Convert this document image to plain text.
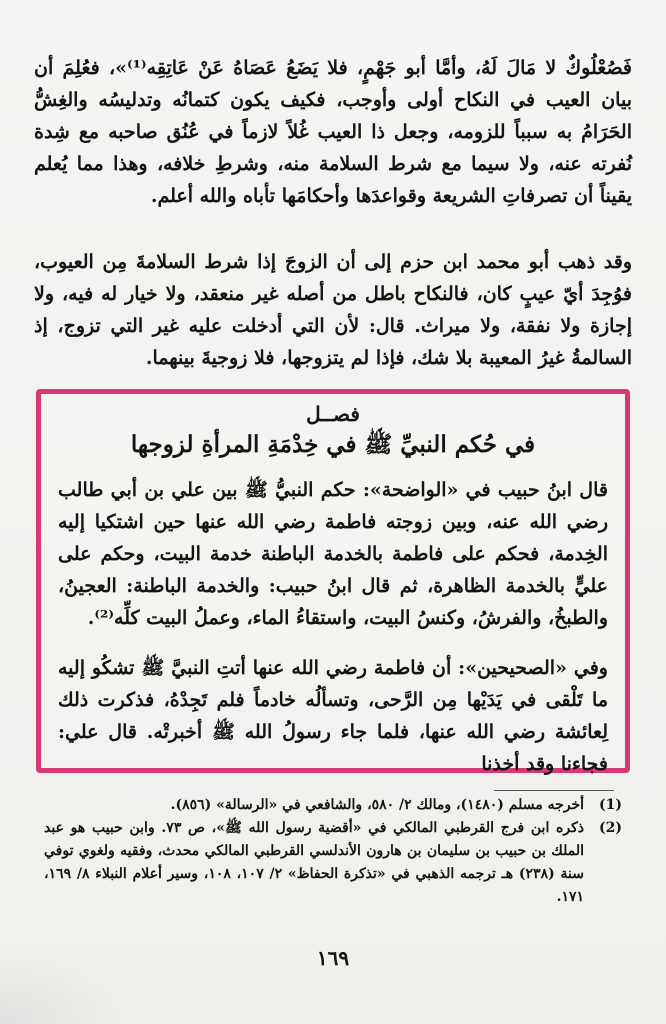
فَصُعْلُوكٌ لا مَالَ لَهُ، وأمَّا أبو جَهْمٍ، فلا يَضَعُ عَصَاهُ عَنْ عَاتِقِه⁽¹⁾»، فعُلِمَ أن بيان العيب في النكاح أولى وأوجب، فكيف يكون كتمانُه وتدليسُه والغِشُّ الحَرَامُ به سبباً للزومه، وجعل ذا العيب غُلاً لازماً في عُنُق صاحبه مع شِدة نُفرته عنه، ولا سيما مع شرط السلامة منه، وشرطِ خلافه، وهذا مما يُعلم يقيناً أن تصرفاتِ الشريعة وقواعدَها وأحكامَها تأباه والله أعلم.

وقد ذهب أبو محمد ابن حزم إلى أن الزوجَ إذا شرط السلامةَ مِن العيوب، فوُجِدَ أيّ عيبٍ كان، فالنكاح باطل من أصله غير منعقد، ولا خيار له فيه، ولا إجازة ولا نفقة، ولا ميراث. قال: لأن التي أدخلت عليه غير التي تزوج، إذ السالمةُ غيرُ المعيبة بلا شك، فإذا لم يتزوجها، فلا زوجيةَ بينهما.

فصــل
في حُكم النبيِّ ﷺ في خِدْمَةِ المرأةِ لزوجها

قال ابنُ حبيب في «الواضحة»: حكم النبيُّ ﷺ بين علي بن أبي طالب رضي الله عنه، وبين زوجته فاطمة رضي الله عنها حين اشتكيا إليه الخِدمة، فحكم على فاطمة بالخدمة الباطنة خدمة البيت، وحكم على عليٍّ بالخدمة الظاهرة، ثم قال ابنُ حبيب: والخدمة الباطنة: العجينُ، والطبخُ، والفرشُ، وكنسُ البيت، واستقاءُ الماء، وعملُ البيت كلِّه⁽²⁾.

وفي «الصحيحين»: أن فاطمة رضي الله عنها أتتِ النبيَّ ﷺ تشكُو إليه ما تَلْقى في يَدَيْها مِن الرَّحى، وتسألُه خادماً فلم تَجِدْهُ، فذكرت ذلك لِعائشة رضي الله عنها، فلما جاء رسولُ الله ﷺ أخبرتْه. قال علي: فجاءنا وقد أخذنا

(1)
أخرجه مسلم (١٤٨٠)، ومالك ٢/ ٥٨٠، والشافعي في «الرسالة» (٨٥٦).
(2)
ذكره ابن فرج القرطبي المالكي في «أقضية رسول الله ﷺ»، ص ٧٣. وابن حبيب هو عبد الملك بن حبيب بن سليمان بن هارون الأندلسي القرطبي المالكي محدث، وفقيه ولغوي توفي سنة (٢٣٨) هـ ترجمه الذهبي في «تذكرة الحفاظ» ٢/ ١٠٧، ١٠٨، وسير أعلام النبلاء ٨/ ١٦٩، ١٧١.
١٦٩
